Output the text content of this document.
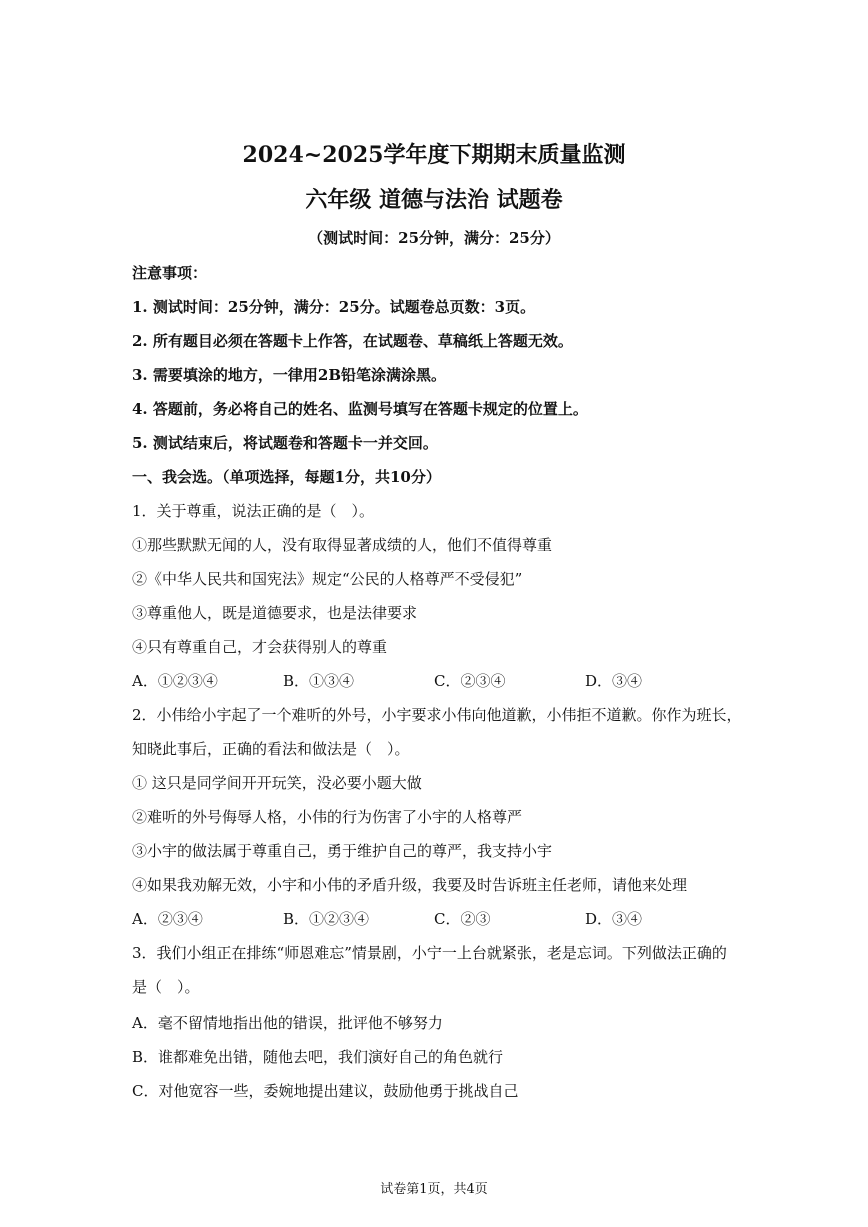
2024~2025学年度下期期末质量监测
六年级 道德与法治 试题卷
（测试时间：25分钟，满分：25分）
注意事项：
1. 测试时间：25分钟，满分：25分。试题卷总页数：3页。
2. 所有题目必须在答题卡上作答，在试题卷、草稿纸上答题无效。
3. 需要填涂的地方，一律用2B铅笔涂满涂黑。
4. 答题前，务必将自己的姓名、监测号填写在答题卡规定的位置上。
5. 测试结束后，将试题卷和答题卡一并交回。
一、我会选。（单项选择，每题1分，共10分）
1．关于尊重，说法正确的是（　）。
①那些默默无闻的人，没有取得显著成绩的人，他们不值得尊重
②《中华人民共和国宪法》规定“公民的人格尊严不受侵犯”
③尊重他人，既是道德要求，也是法律要求
④只有尊重自己，才会获得别人的尊重
A．①②③④	B．①③④	C．②③④	D．③④
2．小伟给小宇起了一个难听的外号，小宇要求小伟向他道歉，小伟拒不道歉。你作为班长，
知晓此事后，正确的看法和做法是（　）。
① 这只是同学间开开玩笑，没必要小题大做
②难听的外号侮辱人格，小伟的行为伤害了小宇的人格尊严
③小宇的做法属于尊重自己，勇于维护自己的尊严，我支持小宇
④如果我劝解无效，小宇和小伟的矛盾升级，我要及时告诉班主任老师，请他来处理
A．②③④	B．①②③④	C．②③	D．③④
3．我们小组正在排练“师恩难忘”情景剧，小宁一上台就紧张，老是忘词。下列做法正确的
是（　）。
A．毫不留情地指出他的错误，批评他不够努力
B．谁都难免出错，随他去吧，我们演好自己的角色就行
C．对他宽容一些，委婉地提出建议，鼓励他勇于挑战自己
试卷第1页，共4页
